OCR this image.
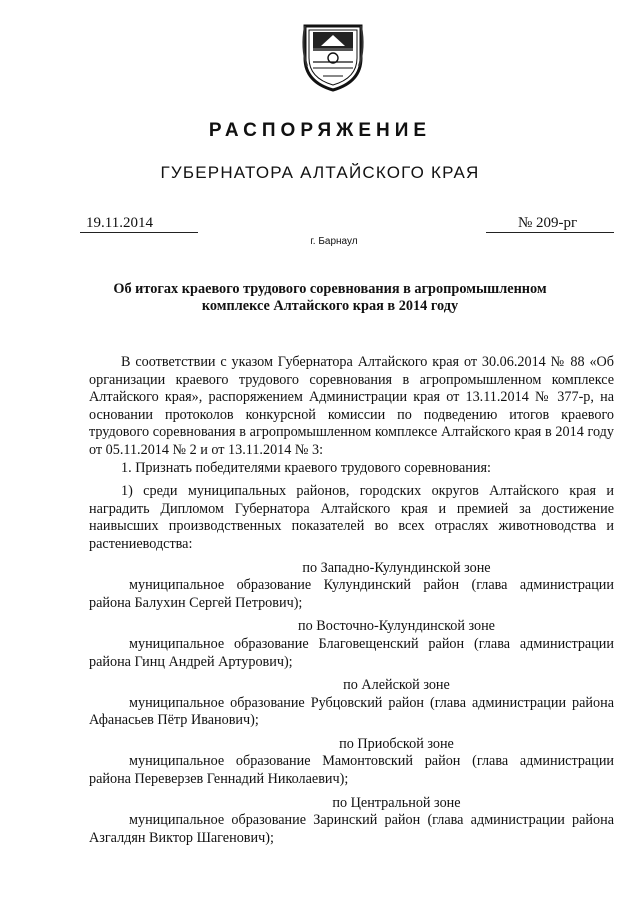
РАСПОРЯЖЕНИЕ
ГУБЕРНАТОРА АЛТАЙСКОГО КРАЯ
19.11.2014	№ 209-рг
г. Барнаул
Об итогах краевого трудового соревнования в агропромышленном комплексе Алтайского края в 2014 году

В соответствии с указом Губернатора Алтайского края от 30.06.2014 № 88 «Об организации краевого трудового соревнования в агропромышленном комплексе Алтайского края», распоряжением Администрации края от 13.11.2014 № 377-р, на основании протоколов конкурсной комиссии по подведению итогов краевого трудового соревнования в агропромышленном комплексе Алтайского края в 2014 году от 05.11.2014 № 2 и от 13.11.2014 № 3:

1. Признать победителями краевого трудового соревнования:

1) среди муниципальных районов, городских округов Алтайского края и наградить Дипломом Губернатора Алтайского края и премией за достижение наивысших производственных показателей во всех отраслях животноводства и растениеводства:

по Западно-Кулундинской зоне

муниципальное образование Кулундинский район (глава администрации района Балухин Сергей Петрович);

по Восточно-Кулундинской зоне

муниципальное образование Благовещенский район (глава администрации района Гинц Андрей Артурович);

по Алейской зоне

муниципальное образование Рубцовский район (глава администрации района Афанасьев Пётр Иванович);

по Приобской зоне

муниципальное образование Мамонтовский район (глава администрации района Переверзев Геннадий Николаевич);

по Центральной зоне

муниципальное образование Заринский район (глава администрации района Азгалдян Виктор Шагенович);
